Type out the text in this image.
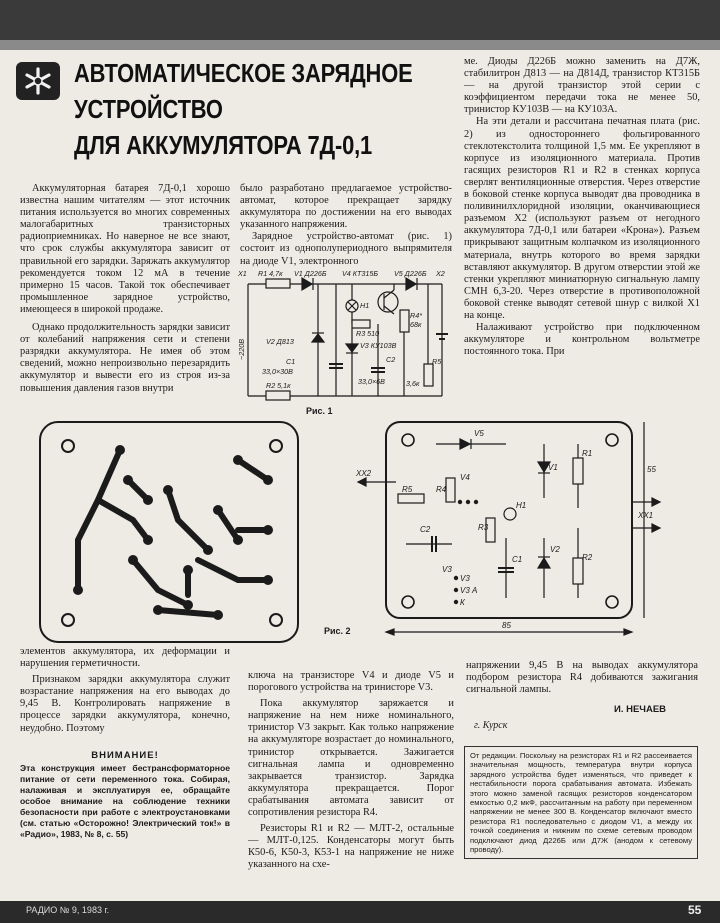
АВТОМАТИЧЕСКОЕ ЗАРЯДНОЕ
УСТРОЙСТВО
ДЛЯ АККУМУЛЯТОРА 7Д-0,1

Аккумуляторная батарея 7Д-0,1 хорошо известна нашим читателям — этот источник питания используется во многих современных малогабаритных транзисторных радиоприемниках. Но наверное не все знают, что срок службы аккумулятора зависит от правильной его зарядки. Заряжать аккумулятор рекомендуется током 12 мА в течение примерно 15 часов. Такой ток обеспечивает промышленное зарядное устройство, имеющееся в широкой продаже.

Однако продолжительность зарядки зависит от колебаний напряжения сети и степени разрядки аккумулятора. Не имея об этом сведений, можно непроизвольно перезарядить аккумулятор и вывести его из строя из-за повышения давления газов внутри

было разработано предлагаемое устройство-автомат, которое прекращает зарядку аккумулятора по достижении на его выводах указанного напряжения.

Зарядное устройство-автомат (рис. 1) состоит из однополупериодного выпрямителя на диоде V1, электронного

ме. Диоды Д226Б можно заменить на Д7Ж, стабилитрон Д813 — на Д814Д, транзистор КТ315Б — на другой транзистор этой серии с коэффициентом передачи тока не менее 50, тринистор КУ103В — на КУ103А.

На эти детали и рассчитана печатная плата (рис. 2) из одностороннего фольгированного стеклотекстолита толщиной 1,5 мм. Ее укрепляют в корпусе из изоляционного материала. Против гасящих резисторов R1 и R2 в стенках корпуса сверлят вентиляционные отверстия. Через отверстие в боковой стенке корпуса выводят два проводника в поливинилхлоридной изоляции, оканчивающиеся разъемом Х2 (используют разъем от негодного аккумулятора 7Д-0,1 или батареи «Крона»). Разъем прикрывают защитным колпачком из изоляционного материала, внутрь которого во время зарядки вставляют аккумулятор. В другом отверстии этой же стенки укрепляют миниатюрную сигнальную лампу СМН 6,3-20. Через отверстие в противоположной боковой стенке выводят сетевой шнур с вилкой Х1 на конце.

Налаживают устройство при подключенном аккумуляторе и контрольном вольтметре постоянного тока. При

X1 R1 4,7к V1 Д226Б V4 КТ315Б V5 Д226Б X2
~220В	V2 Д813
H1
R4*
68к
R3 510
V3 КУ103В
C1
33,0×30В
R2 5,1к
C2
33,0×6В
R5
3,6к
Рис. 1
V5
V1
R1
R2
V4
H1
R3
R4
R5
C1
C2
V2
V3
V3
V3 А
К
XX2
XX1
55
85
Рис. 2

элементов аккумулятора, их деформации и нарушения герметичности.

Признаком зарядки аккумулятора служит возрастание напряжения на его выводах до 9,45 В. Контролировать напряжение в процессе зарядки аккумулятора, конечно, неудобно. Поэтому

ВНИМАНИЕ!
Эта конструкция имеет бестрансформаторное питание от сети переменного тока. Собирая, налаживая и эксплуатируя ее, обращайте особое внимание на соблюдение техники безопасности при работе с электроустановками (см. статью «Осторожно! Электрический ток!» в «Радио», 1983, № 8, с. 55)

ключа на транзисторе V4 и диоде V5 и порогового устройства на тринисторе V3.

Пока аккумулятор заряжается и напряжение на нем ниже номинального, тринистор V3 закрыт. Как только напряжение на аккумуляторе возрастает до номинального, тринистор открывается. Зажигается сигнальная лампа и одновременно закрывается транзистор. Зарядка аккумулятора прекращается. Порог срабатывания автомата зависит от сопротивления резистора R4.

Резисторы R1 и R2 — МЛТ-2, остальные — МЛТ-0,125. Конденсаторы могут быть К50-6, К50-3, К53-1 на напряжение не ниже указанного на схе-

напряжении 9,45 В на выводах аккумулятора подбором резистора R4 добиваются зажигания сигнальной лампы.

И. НЕЧАЕВ
г. Курск
От редакции. Поскольку на резисторах R1 и R2 рассеивается значительная мощность, температура внутри корпуса зарядного устройства будет изменяться, что приведет к нестабильности порога срабатывания автомата. Избежать этого можно заменой гасящих резисторов конденсатором емкостью 0,2 мкФ, рассчитанным на работу при переменном напряжении не менее 300 В. Конденсатор включают вместо резистора R1 последовательно с диодом V1, а между их точкой соединения и нижним по схеме сетевым проводом подключают диод Д226Б или Д7Ж (анодом к сетевому проводу).
РАДИО № 9, 1983 г.	55
